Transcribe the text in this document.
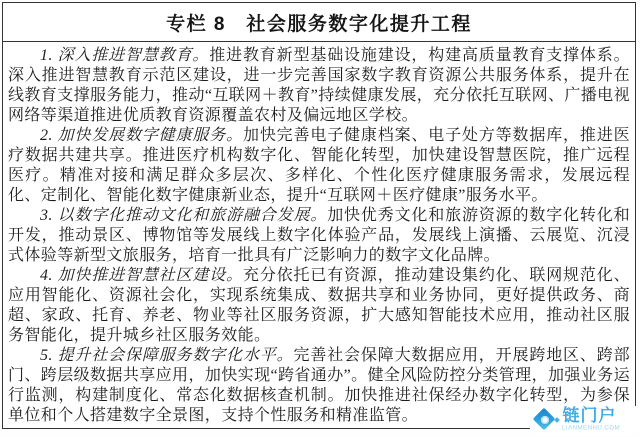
专栏 8　社会服务数字化提升工程

1. 深入推进智慧教育。推进教育新型基础设施建设，构建高质量教育支撑体系。深入推进智慧教育示范区建设，进一步完善国家数字教育资源公共服务体系，提升在线教育支撑服务能力，推动“互联网＋教育”持续健康发展，充分依托互联网、广播电视网络等渠道推进优质教育资源覆盖农村及偏远地区学校。

2. 加快发展数字健康服务。加快完善电子健康档案、电子处方等数据库，推进医疗数据共建共享。推进医疗机构数字化、智能化转型，加快建设智慧医院，推广远程医疗。精准对接和满足群众多层次、多样化、个性化医疗健康服务需求，发展远程化、定制化、智能化数字健康新业态，提升“互联网＋医疗健康”服务水平。

3. 以数字化推动文化和旅游融合发展。加快优秀文化和旅游资源的数字化转化和开发，推动景区、博物馆等发展线上数字化体验产品，发展线上演播、云展览、沉浸式体验等新型文旅服务，培育一批具有广泛影响力的数字文化品牌。

4. 加快推进智慧社区建设。充分依托已有资源，推动建设集约化、联网规范化、应用智能化、资源社会化，实现系统集成、数据共享和业务协同，更好提供政务、商超、家政、托育、养老、物业等社区服务资源，扩大感知智能技术应用，推动社区服务智能化，提升城乡社区服务效能。

5. 提升社会保障服务数字化水平。完善社会保障大数据应用，开展跨地区、跨部门、跨层级数据共享应用，加快实现“跨省通办”。健全风险防控分类管理，加强业务运行监测，构建制度化、常态化数据核查机制。加快推进社保经办数字化转型，为参保单位和个人搭建数字全景图，支持个性服务和精准监管。	链门户
LIANMENHU.COM
